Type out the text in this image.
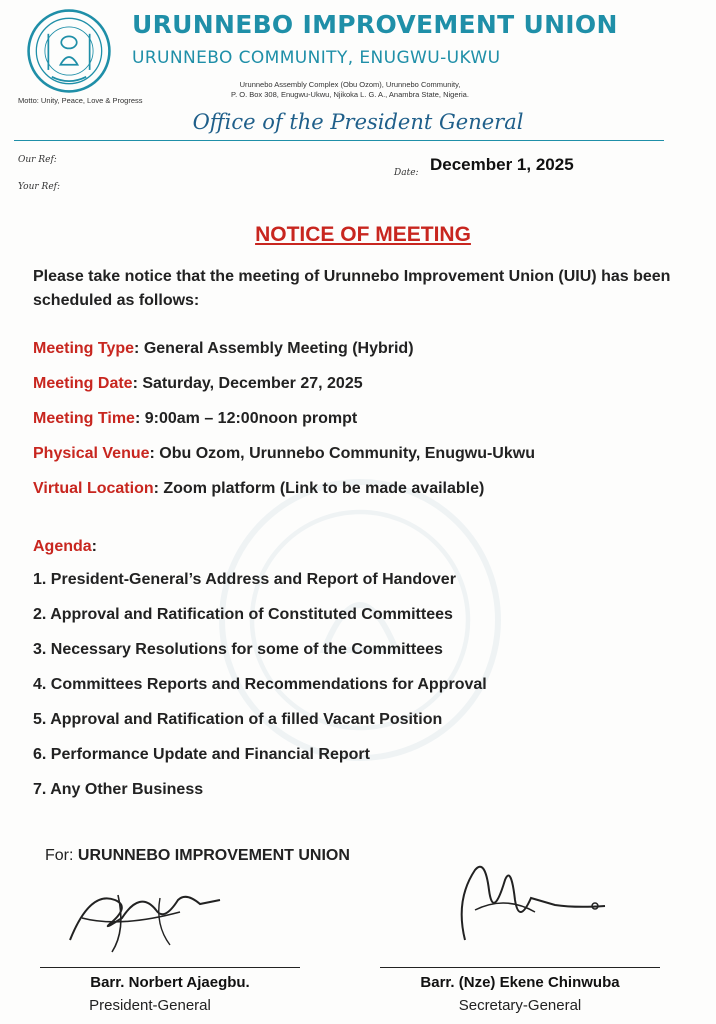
URUNNEBO IMPROVEMENT UNION
URUNNEBO COMMUNITY, ENUGWU-UKWU
Motto: Unity, Peace, Love & Progress
Urunnebo Assembly Complex (Obu Ozom), Urunnebo Community,
P. O. Box 308, Enugwu-Ukwu, Njikoka L. G. A., Anambra State, Nigeria.
Office of the President General
Our Ref:
Your Ref:
Date: December 1, 2025
NOTICE OF MEETING
Please take notice that the meeting of Urunnebo Improvement Union (UIU) has been scheduled as follows:
Meeting Type: General Assembly Meeting (Hybrid)
Meeting Date: Saturday, December 27, 2025
Meeting Time: 9:00am – 12:00noon prompt
Physical Venue: Obu Ozom, Urunnebo Community, Enugwu-Ukwu
Virtual Location: Zoom platform (Link to be made available)
Agenda:
1. President-General’s Address and Report of Handover
2. Approval and Ratification of Constituted Committees
3. Necessary Resolutions for some of the Committees
4. Committees Reports and Recommendations for Approval
5. Approval and Ratification of a filled Vacant Position
6. Performance Update and Financial Report
7. Any Other Business
For: URUNNEBO IMPROVEMENT UNION
Barr. Norbert Ajaegbu.
President-General
Barr. (Nze) Ekene Chinwuba
Secretary-General
